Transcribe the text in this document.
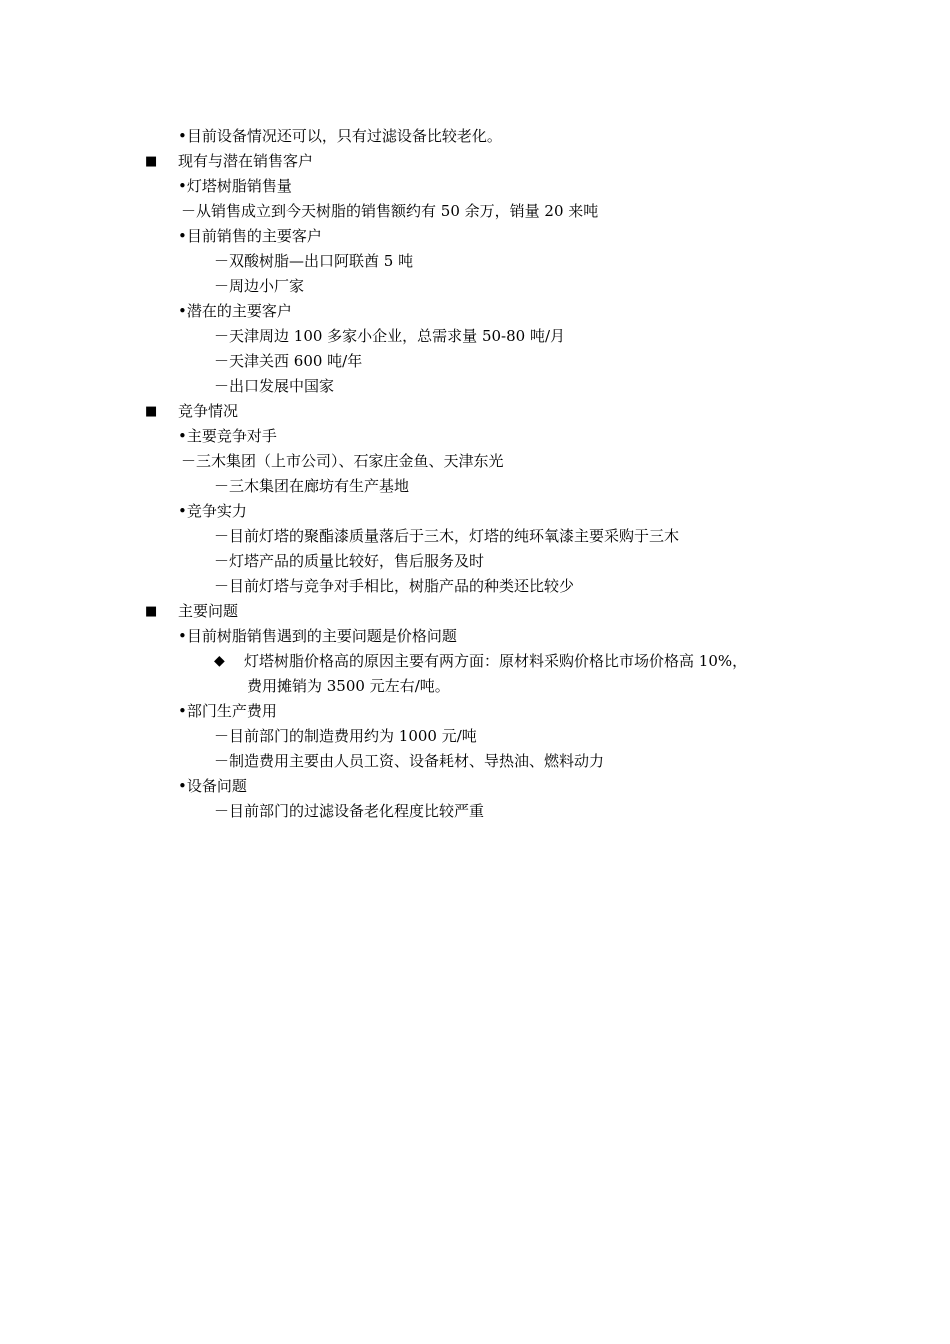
•目前设备情况还可以，只有过滤设备比较老化。
■ 现有与潜在销售客户
•灯塔树脂销售量
－从销售成立到今天树脂的销售额约有 50 余万，销量 20 来吨
•目前销售的主要客户
－双酸树脂—出口阿联酋 5 吨
－周边小厂家
•潜在的主要客户
－天津周边 100 多家小企业，总需求量 50-80 吨/月
－天津关西 600 吨/年
－出口发展中国家
■ 竞争情况
•主要竞争对手
－三木集团（上市公司）、石家庄金鱼、天津东光
－三木集团在廊坊有生产基地
•竞争实力
－目前灯塔的聚酯漆质量落后于三木，灯塔的纯环氧漆主要采购于三木
－灯塔产品的质量比较好，售后服务及时
－目前灯塔与竞争对手相比，树脂产品的种类还比较少
■ 主要问题
•目前树脂销售遇到的主要问题是价格问题
◆ 灯塔树脂价格高的原因主要有两方面：原材料采购价格比市场价格高 10%，
费用摊销为 3500 元左右/吨。
•部门生产费用
－目前部门的制造费用约为 1000 元/吨
－制造费用主要由人员工资、设备耗材、导热油、燃料动力
•设备问题
－目前部门的过滤设备老化程度比较严重
